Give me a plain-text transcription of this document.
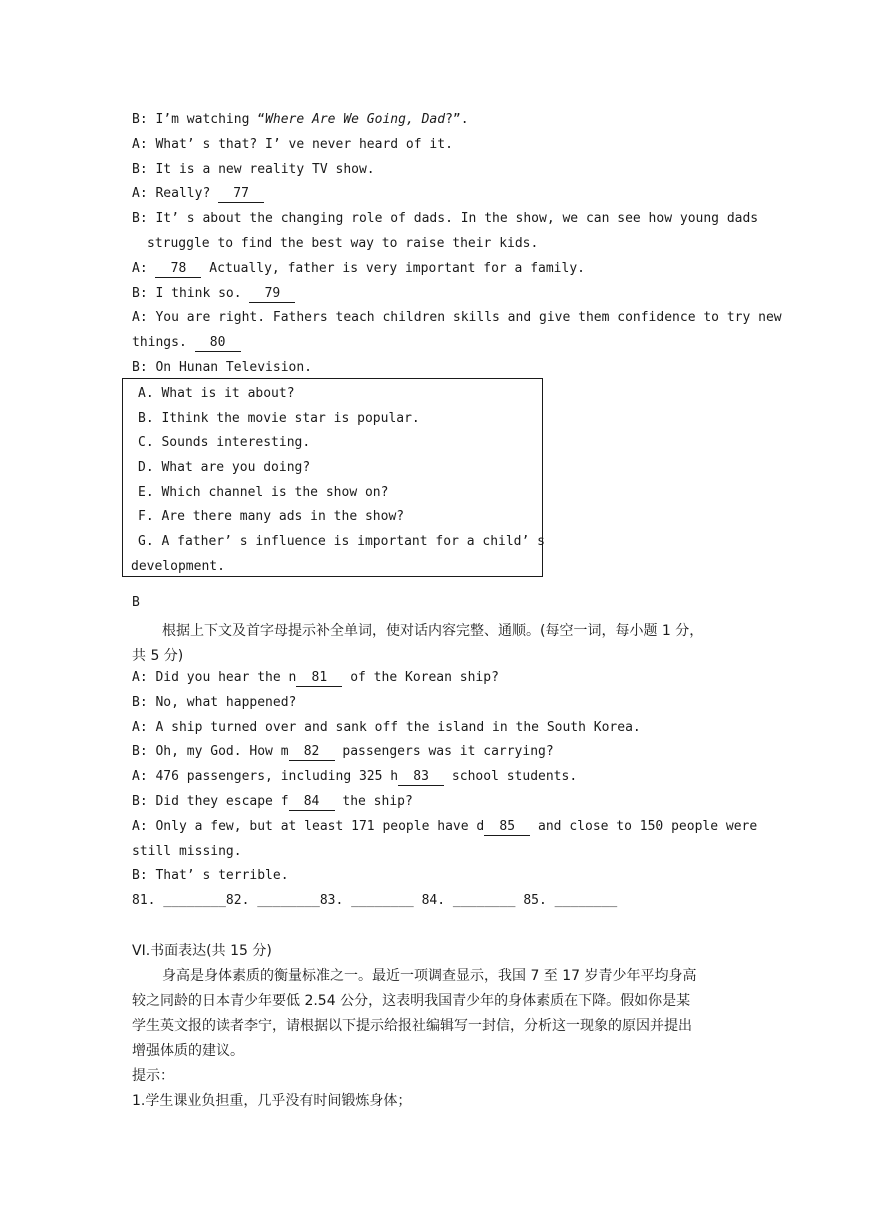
B: I’m watching “Where Are We Going, Dad?”.
A: What’ s that? I’ ve never heard of it.
B: It is a new reality TV show.
A: Really? 77
B: It’ s about the changing role of dads. In the show, we can see how young dads
struggle to find the best way to raise their kids.
A: 78 Actually, father is very important for a family.
B: I think so. 79
A: You are right. Fathers teach children skills and give them confidence to try new
things. 80
B: On Hunan Television.
A. What is it about?
B. Ithink the movie star is popular.
C. Sounds interesting.
D. What are you doing?
E. Which channel is the show on?
F. Are there many ads in the show?
G. A father’ s influence is important for a child’ s
development.
B
根据上下文及首字母提示补全单词，使对话内容完整、通顺。(每空一词，每小题 1 分，
共 5 分)
A: Did you hear the n 81 of the Korean ship?
B: No, what happened?
A: A ship turned over and sank off the island in the South Korea.
B: Oh, my God. How m 82 passengers was it carrying?
A: 476 passengers, including 325 h 83 school students.
B: Did they escape f 84 the ship?
A: Only a few, but at least 171 people have d 85 and close to 150 people were
still missing.
B: That’ s terrible.
81. ________82. ________83. ________ 84. ________ 85. ________
VI.书面表达(共 15 分)
身高是身体素质的衡量标准之一。最近一项调查显示，我国 7 至 17 岁青少年平均身高
较之同龄的日本青少年要低 2.54 公分，这表明我国青少年的身体素质在下降。假如你是某
学生英文报的读者李宁，请根据以下提示给报社编辑写一封信，分析这一现象的原因并提出
增强体质的建议。
提示：
1.学生课业负担重，几乎没有时间锻炼身体；
